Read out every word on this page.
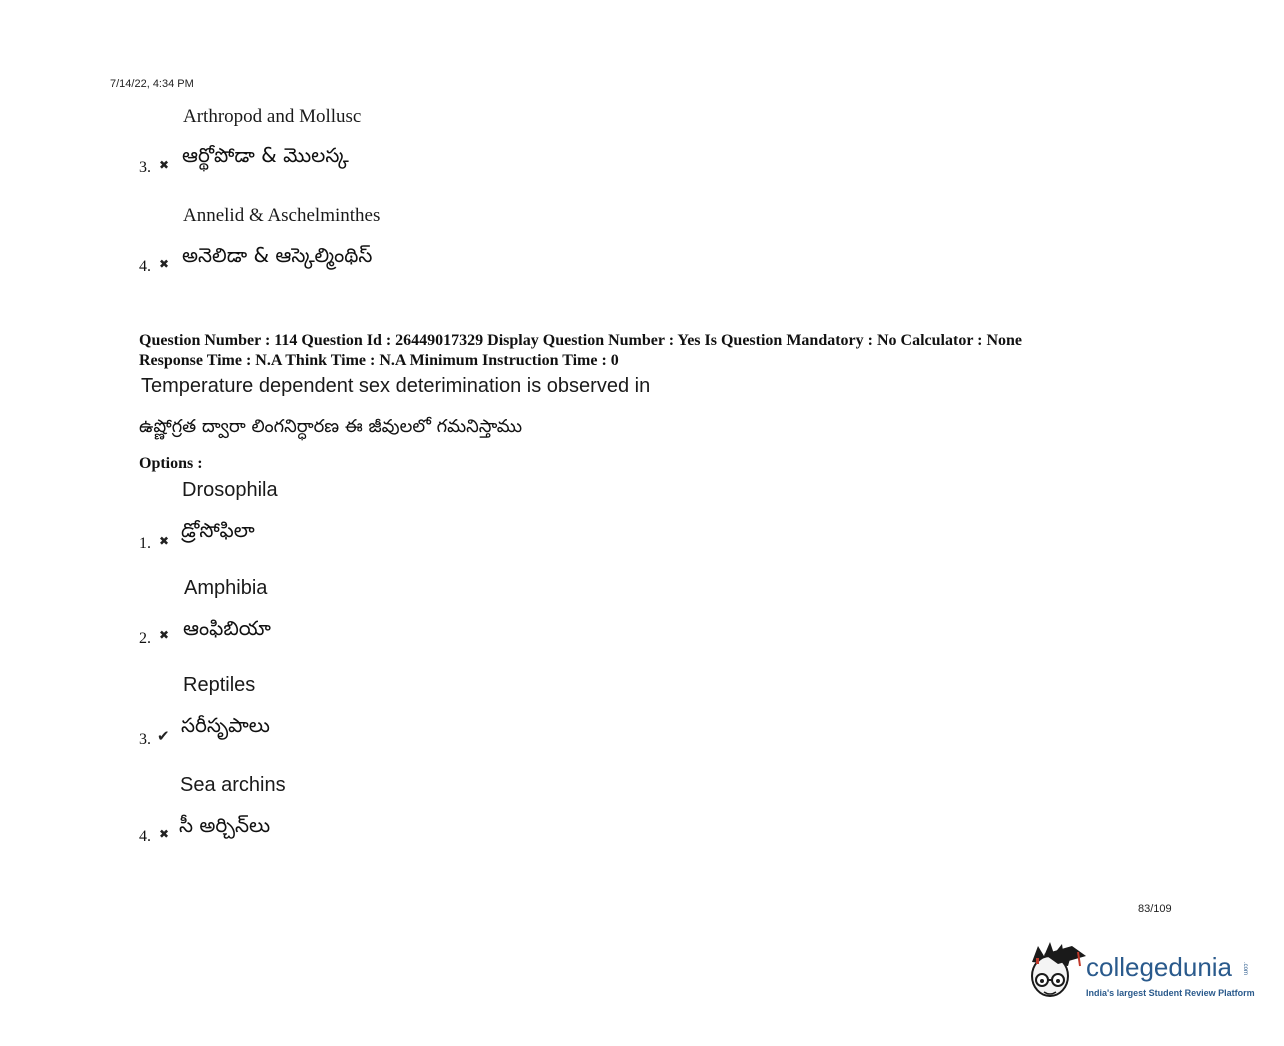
7/14/22, 4:34 PM
Arthropod and Mollusc
ఆర్థోపోడా & మొలస్క
3. ✖
Annelid & Aschelminthes
అనెలిడా & ఆస్కెల్మింథిస్
4. ✖
Question Number : 114 Question Id : 26449017329 Display Question Number : Yes Is Question Mandatory : No Calculator : None
Response Time : N.A Think Time : N.A Minimum Instruction Time : 0
Temperature dependent sex deterimination is observed in
ఉష్ణోగ్రత ద్వారా లింగనిర్ధారణ ఈ జీవులలో గమనిస్తాము
Options :
Drosophila
డ్రోసోఫిలా
1. ✖
Amphibia
ఆంఫిబియా
2. ✖
Reptiles
సరీసృపాలు
3. ✔
Sea archins
సీ అర్చిన్‌లు
4. ✖
83/109
collegedunia .com
India's largest Student Review Platform
